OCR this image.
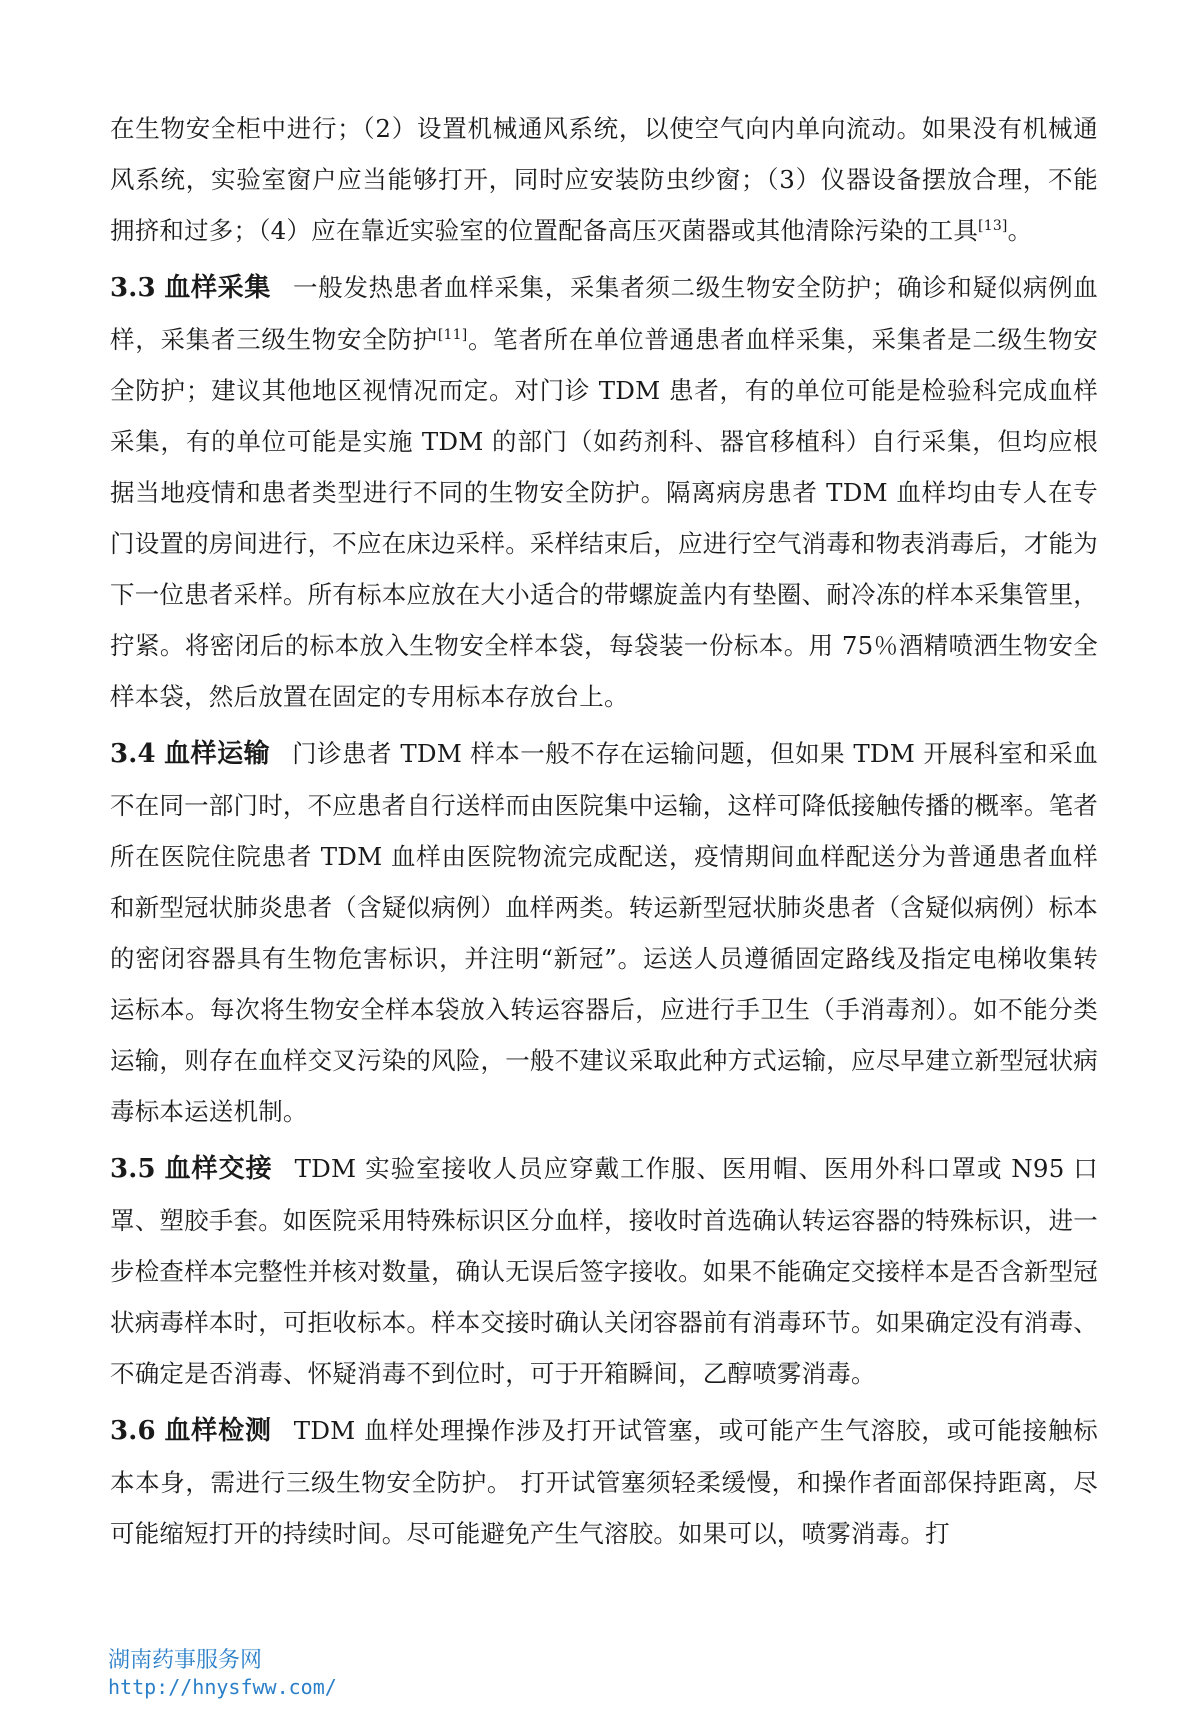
在生物安全柜中进行；（2）设置机械通风系统，以使空气向内单向流动。如果没有机械通风系统，实验室窗户应当能够打开，同时应安装防虫纱窗；（3）仪器设备摆放合理，不能拥挤和过多；（4）应在靠近实验室的位置配备高压灭菌器或其他清除污染的工具[13]。

3.3 血样采集 一般发热患者血样采集，采集者须二级生物安全防护；确诊和疑似病例血样，采集者三级生物安全防护[11]。笔者所在单位普通患者血样采集，采集者是二级生物安全防护；建议其他地区视情况而定。对门诊 TDM 患者，有的单位可能是检验科完成血样采集，有的单位可能是实施 TDM 的部门（如药剂科、器官移植科）自行采集，但均应根据当地疫情和患者类型进行不同的生物安全防护。隔离病房患者 TDM 血样均由专人在专门设置的房间进行，不应在床边采样。采样结束后，应进行空气消毒和物表消毒后，才能为下一位患者采样。所有标本应放在大小适合的带螺旋盖内有垫圈、耐冷冻的样本采集管里，拧紧。将密闭后的标本放入生物安全样本袋，每袋装一份标本。用 75％酒精喷洒生物安全样本袋，然后放置在固定的专用标本存放台上。

3.4 血样运输 门诊患者 TDM 样本一般不存在运输问题，但如果 TDM 开展科室和采血不在同一部门时，不应患者自行送样而由医院集中运输，这样可降低接触传播的概率。笔者所在医院住院患者 TDM 血样由医院物流完成配送，疫情期间血样配送分为普通患者血样和新型冠状肺炎患者（含疑似病例）血样两类。转运新型冠状肺炎患者（含疑似病例）标本的密闭容器具有生物危害标识，并注明“新冠”。运送人员遵循固定路线及指定电梯收集转运标本。每次将生物安全样本袋放入转运容器后，应进行手卫生（手消毒剂）。如不能分类运输，则存在血样交叉污染的风险，一般不建议采取此种方式运输，应尽早建立新型冠状病毒标本运送机制。

3.5 血样交接 TDM 实验室接收人员应穿戴工作服、医用帽、医用外科口罩或 N95 口罩、塑胶手套。如医院采用特殊标识区分血样，接收时首选确认转运容器的特殊标识，进一步检查样本完整性并核对数量，确认无误后签字接收。如果不能确定交接样本是否含新型冠状病毒样本时，可拒收标本。样本交接时确认关闭容器前有消毒环节。如果确定没有消毒、不确定是否消毒、怀疑消毒不到位时，可于开箱瞬间，乙醇喷雾消毒。

3.6 血样检测 TDM 血样处理操作涉及打开试管塞，或可能产生气溶胶，或可能接触标本本身，需进行三级生物安全防护。 打开试管塞须轻柔缓慢，和操作者面部保持距离，尽可能缩短打开的持续时间。尽可能避免产生气溶胶。如果可以，喷雾消毒。打

湖南药事服务网
http://hnysfww.com/
